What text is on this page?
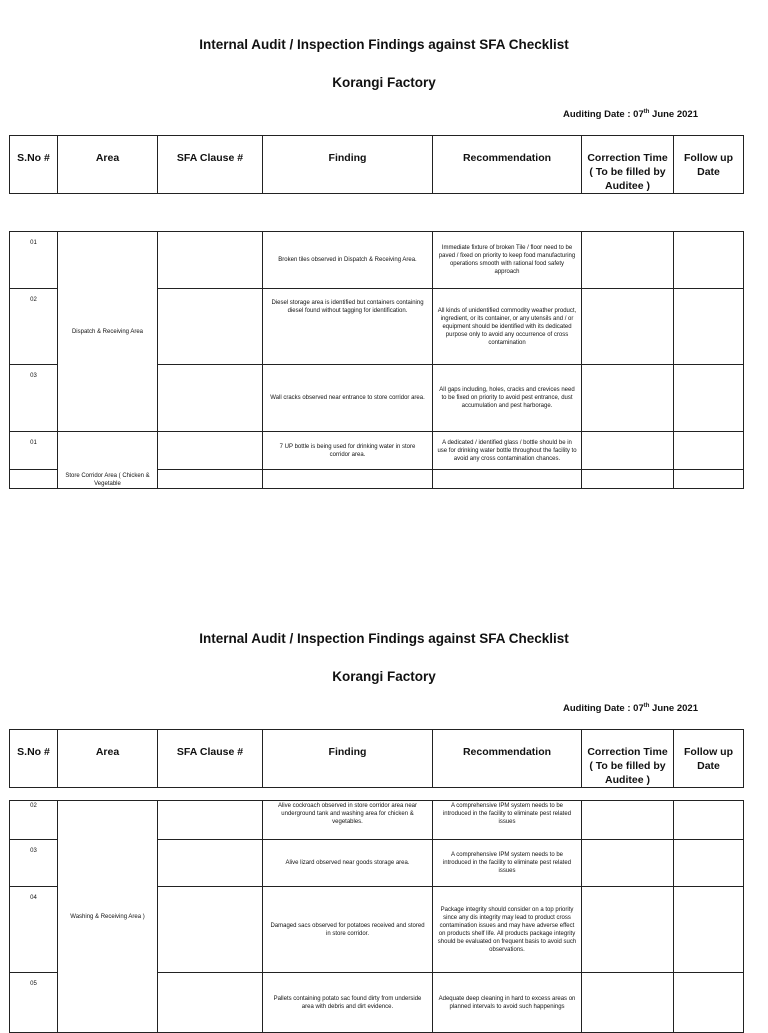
Internal Audit / Inspection Findings against SFA Checklist
Korangi Factory
Auditing Date : 07th June 2021
S.No #	Area	SFA Clause #	Finding	Recommendation	Correction Time
( To be filled by
Auditee )	Follow up
Date
01	Dispatch & Receiving Area		Broken tiles observed in Dispatch & Receiving Area.	Immediate fixture of broken Tile / floor need to be paved / fixed on priority to keep food manufacturing operations smooth with rational food safety approach		
02			Diesel storage area is identified but containers containing diesel found without tagging for identification.	All kinds of unidentified commodity weather product, ingredient, or its container, or any utensils and / or equipment should be identified with its dedicated purpose only to avoid any occurrence of cross contamination		
03			Wall cracks observed near entrance to store corridor area.	All gaps including, holes, cracks and crevices need to be fixed on priority to avoid pest entrance, dust accumulation and pest harborage.		
01	Store Corridor Area ( Chicken & Vegetable		7 UP bottle is being used for drinking water in store corridor area.	A dedicated / identified glass / bottle should be in use for drinking water bottle throughout the facility to avoid any cross contamination chances.		

Internal Audit / Inspection Findings against SFA Checklist
Korangi Factory
Auditing Date : 07th June 2021
S.No #	Area	SFA Clause #	Finding	Recommendation	Correction Time
( To be filled by
Auditee )	Follow up
Date
02	Washing & Receiving Area )		Alive cockroach observed in store corridor area near underground tank and washing area for chicken & vegetables.	A comprehensive IPM system needs to be introduced in the facility to eliminate pest related issues		
03			Alive lizard observed near goods storage area.	A comprehensive IPM system needs to be introduced in the facility to eliminate pest related issues		
04			Damaged sacs observed for potatoes received and stored in store corridor.	Package integrity should consider on a top priority since any dis integrity may lead to product cross contamination issues and may have adverse effect on products shelf life. All products package integrity should be evaluated on frequent basis to avoid such observations.		
05			Pallets containing potato sac found dirty from underside area with debris and dirt evidence.	Adequate deep cleaning in hard to excess areas on planned intervals to avoid such happenings		
